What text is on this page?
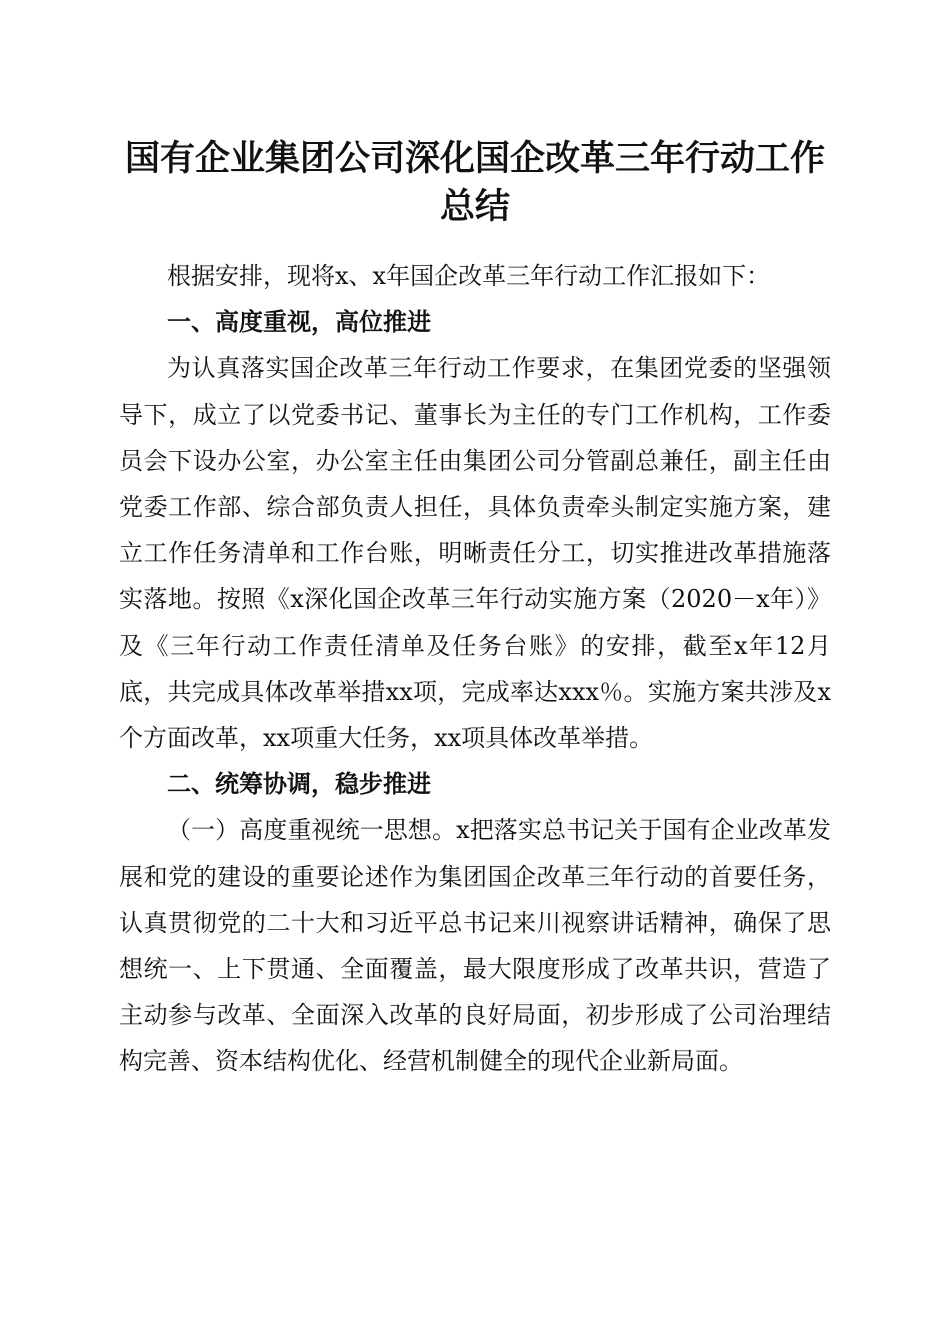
国有企业集团公司深化国企改革三年行动工作
总结

根据安排，现将x、x年国企改革三年行动工作汇报如下：

一、高度重视，高位推进

为认真落实国企改革三年行动工作要求，在集团党委的坚强领导下，成立了以党委书记、董事长为主任的专门工作机构，工作委员会下设办公室，办公室主任由集团公司分管副总兼任，副主任由党委工作部、综合部负责人担任，具体负责牵头制定实施方案，建立工作任务清单和工作台账，明晰责任分工，切实推进改革措施落实落地。按照《x深化国企改革三年行动实施方案（2020－x年）》及《三年行动工作责任清单及任务台账》的安排，截至x年12月底，共完成具体改革举措xx项，完成率达xxx％。实施方案共涉及x个方面改革，xx项重大任务，xx项具体改革举措。

二、统筹协调，稳步推进

（一）高度重视统一思想。x把落实总书记关于国有企业改革发展和党的建设的重要论述作为集团国企改革三年行动的首要任务，认真贯彻党的二十大和习近平总书记来川视察讲话精神，确保了思想统一、上下贯通、全面覆盖，最大限度形成了改革共识，营造了主动参与改革、全面深入改革的良好局面，初步形成了公司治理结构完善、资本结构优化、经营机制健全的现代企业新局面。
